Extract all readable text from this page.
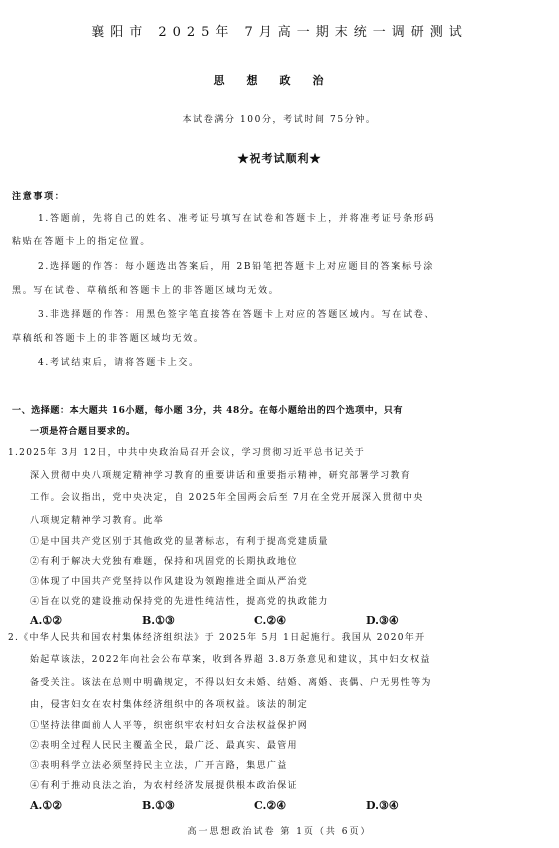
襄阳市 2025年 7月高一期末统一调研测试
思想政治
本试卷满分 100分，考试时间 75分钟。
★祝考试顺利★
注意事项：
1.答题前，先将自己的姓名、准考证号填写在试卷和答题卡上，并将准考证号条形码
粘贴在答题卡上的指定位置。
2.选择题的作答：每小题选出答案后，用 2B铅笔把答题卡上对应题目的答案标号涂
黑。写在试卷、草稿纸和答题卡上的非答题区域均无效。
3.非选择题的作答：用黑色签字笔直接答在答题卡上对应的答题区域内。写在试卷、
草稿纸和答题卡上的非答题区域均无效。
4.考试结束后，请将答题卡上交。
一、选择题：本大题共 16小题，每小题 3分，共 48分。在每小题给出的四个选项中，只有
一项是符合题目要求的。
1.2025年 3月 12日，中共中央政治局召开会议，学习贯彻习近平总书记关于
深入贯彻中央八项规定精神学习教育的重要讲话和重要指示精神，研究部署学习教育
工作。会议指出，党中央决定，自 2025年全国两会后至 7月在全党开展深入贯彻中央
八项规定精神学习教育。此举
①是中国共产党区别于其他政党的显著标志，有利于提高党建质量
②有利于解决大党独有难题，保持和巩固党的长期执政地位
③体现了中国共产党坚持以作风建设为领跑推进全面从严治党
④旨在以党的建设推动保持党的先进性纯洁性，提高党的执政能力
A.①②	B.①③	C.②④	D.③④
2.《中华人民共和国农村集体经济组织法》于 2025年 5月 1日起施行。我国从 2020年开
始起草该法，2022年向社会公布草案，收到各界超 3.8万条意见和建议，其中妇女权益
备受关注。该法在总则中明确规定，不得以妇女未婚、结婚、离婚、丧偶、户无男性等为
由，侵害妇女在农村集体经济组织中的各项权益。该法的制定
①坚持法律面前人人平等，织密织牢农村妇女合法权益保护网
②表明全过程人民民主覆盖全民，最广泛、最真实、最管用
③表明科学立法必须坚持民主立法，广开言路，集思广益
④有利于推动良法之治，为农村经济发展提供根本政治保证
A.①②	B.①③	C.②④	D.③④
高一思想政治试卷 第 1页（共 6页）
